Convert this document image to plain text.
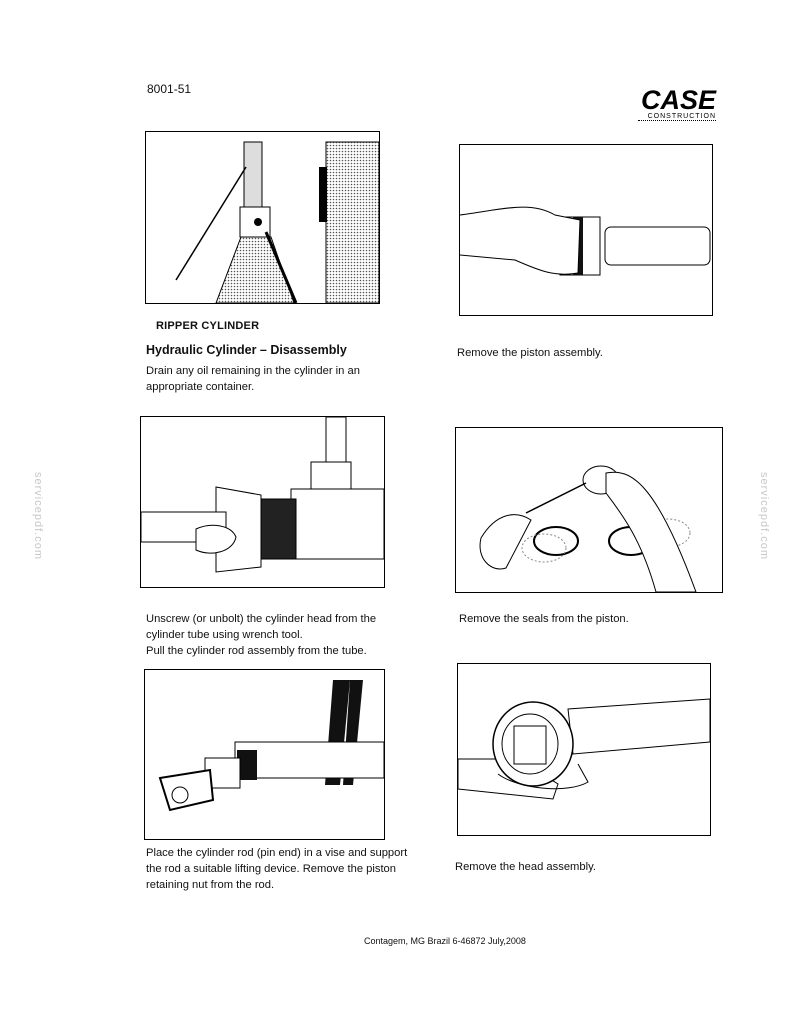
8001-51	CASE
CONSTRUCTION
servicepdf.com	servicepdf.com
RIPPER CYLINDER
Hydraulic Cylinder – Disassembly
Drain any oil remaining in the cylinder in an
appropriate container.
Remove the piston assembly.
Unscrew (or unbolt) the cylinder head from the
cylinder tube using wrench tool.
Pull the cylinder rod assembly from the tube.
Remove the seals from the piston.
Place the cylinder rod (pin end) in a vise and support
the rod a suitable lifting device. Remove the piston
retaining nut from the rod.
Remove the head assembly.
Contagem, MG Brazil 6-46872 July,2008
